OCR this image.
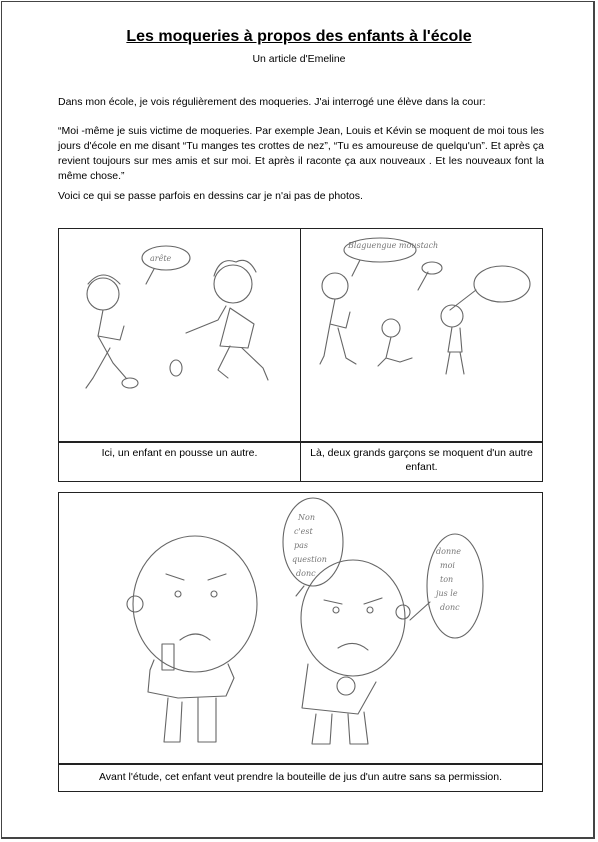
Les moqueries à propos des enfants à l'école
Un article d'Emeline

Dans mon école, je vois régulièrement des moqueries. J'ai interrogé une élève dans la cour:

“Moi -même je suis victime de moqueries. Par exemple Jean, Louis et Kévin se moquent de moi tous les jours d'école en me disant “Tu manges tes crottes de nez”, “Tu es amoureuse de quelqu'un”. Et après ça revient toujours sur mes amis et sur moi. Et après il raconte ça aux nouveaux . Et les nouveaux font la même chose.”

Voici ce qui se passe parfois en dessins car je n'ai pas de photos.

arête
Ici, un enfant en pousse un autre.
Blaguengue moustach
Là, deux grands garçons se moquent d'un autre enfant.
Non
c'est
pas
question
donc
donne
moi
ton
jus le
donc
Avant l'étude, cet enfant veut prendre la bouteille de jus d'un autre sans sa permission.
